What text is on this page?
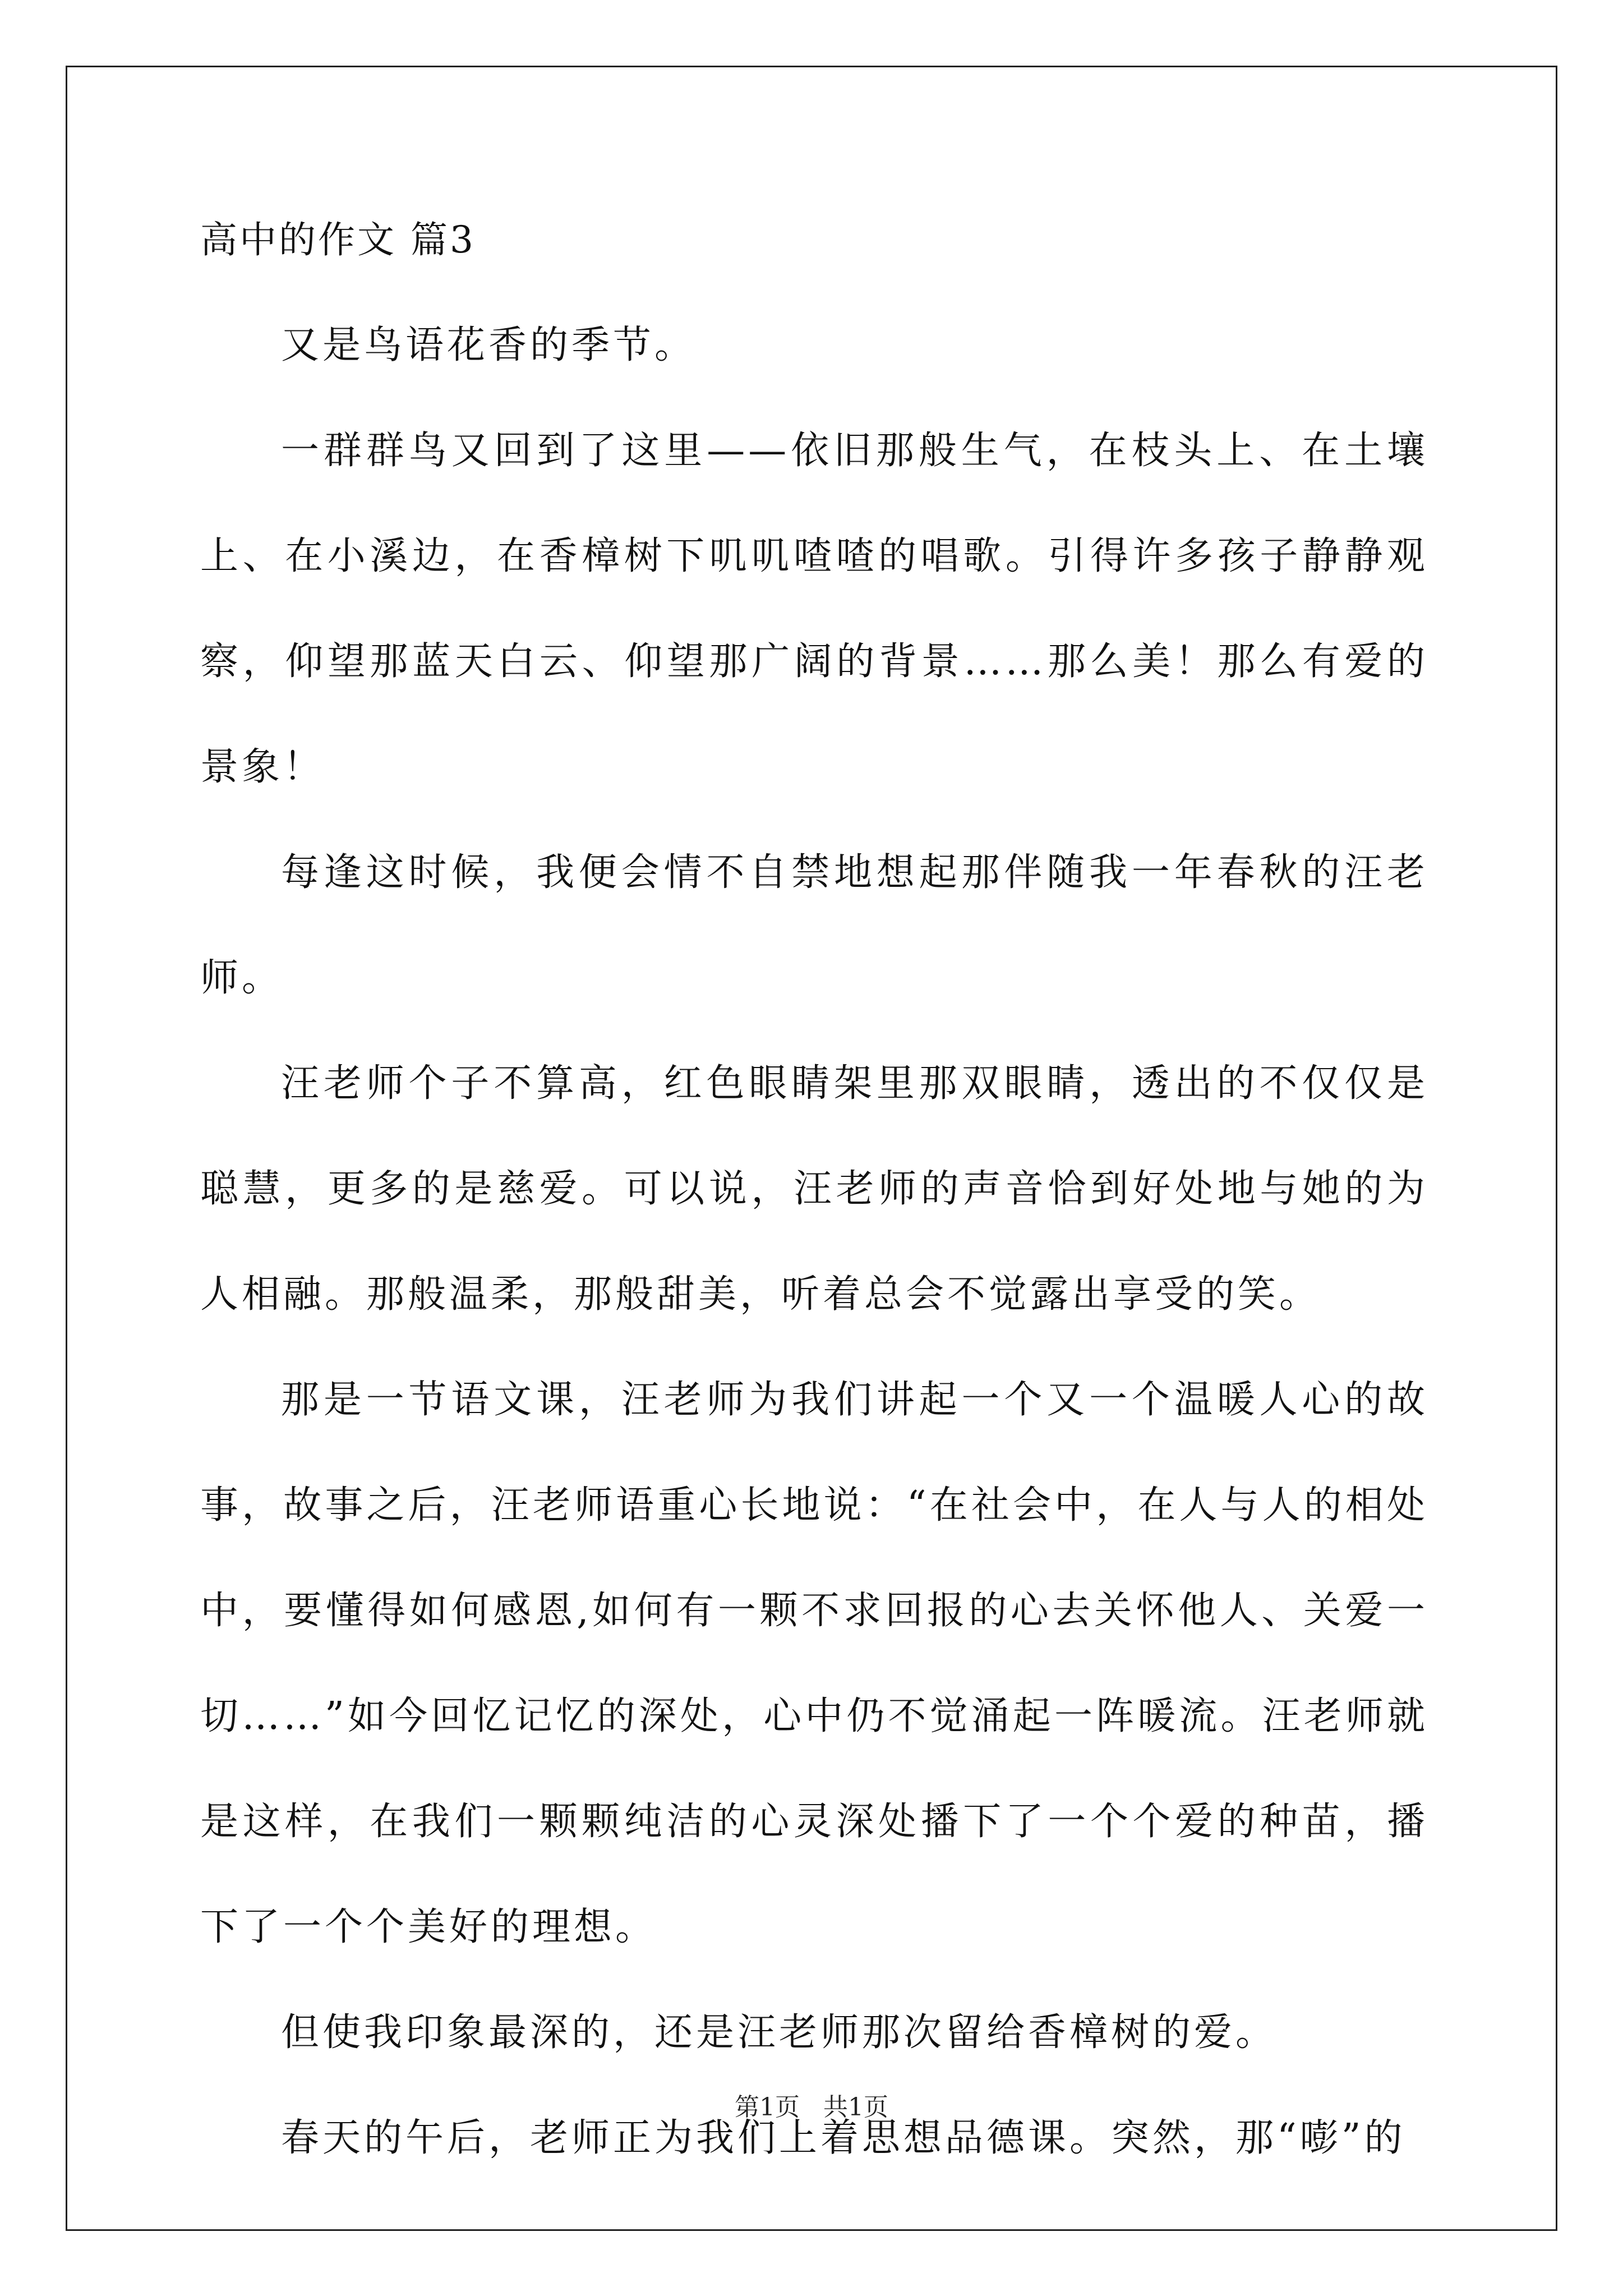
高中的作文 篇3

又是鸟语花香的季节。

一群群鸟又回到了这里——依旧那般生气，在枝头上、在土壤上、在小溪边，在香樟树下叽叽喳喳的唱歌。引得许多孩子静静观察，仰望那蓝天白云、仰望那广阔的背景……那么美！那么有爱的景象！

每逢这时候，我便会情不自禁地想起那伴随我一年春秋的汪老师。

汪老师个子不算高，红色眼睛架里那双眼睛，透出的不仅仅是聪慧，更多的是慈爱。可以说，汪老师的声音恰到好处地与她的为人相融。那般温柔，那般甜美，听着总会不觉露出享受的笑。

那是一节语文课，汪老师为我们讲起一个又一个温暖人心的故事，故事之后，汪老师语重心长地说：“在社会中，在人与人的相处中，要懂得如何感恩,如何有一颗不求回报的心去关怀他人、关爱一切……”如今回忆记忆的深处，心中仍不觉涌起一阵暖流。汪老师就是这样，在我们一颗颗纯洁的心灵深处播下了一个个爱的种苗，播下了一个个美好的理想。

但使我印象最深的，还是汪老师那次留给香樟树的爱。

春天的午后，老师正为我们上着思想品德课。突然，那“嘭”的

第1页   共1页
